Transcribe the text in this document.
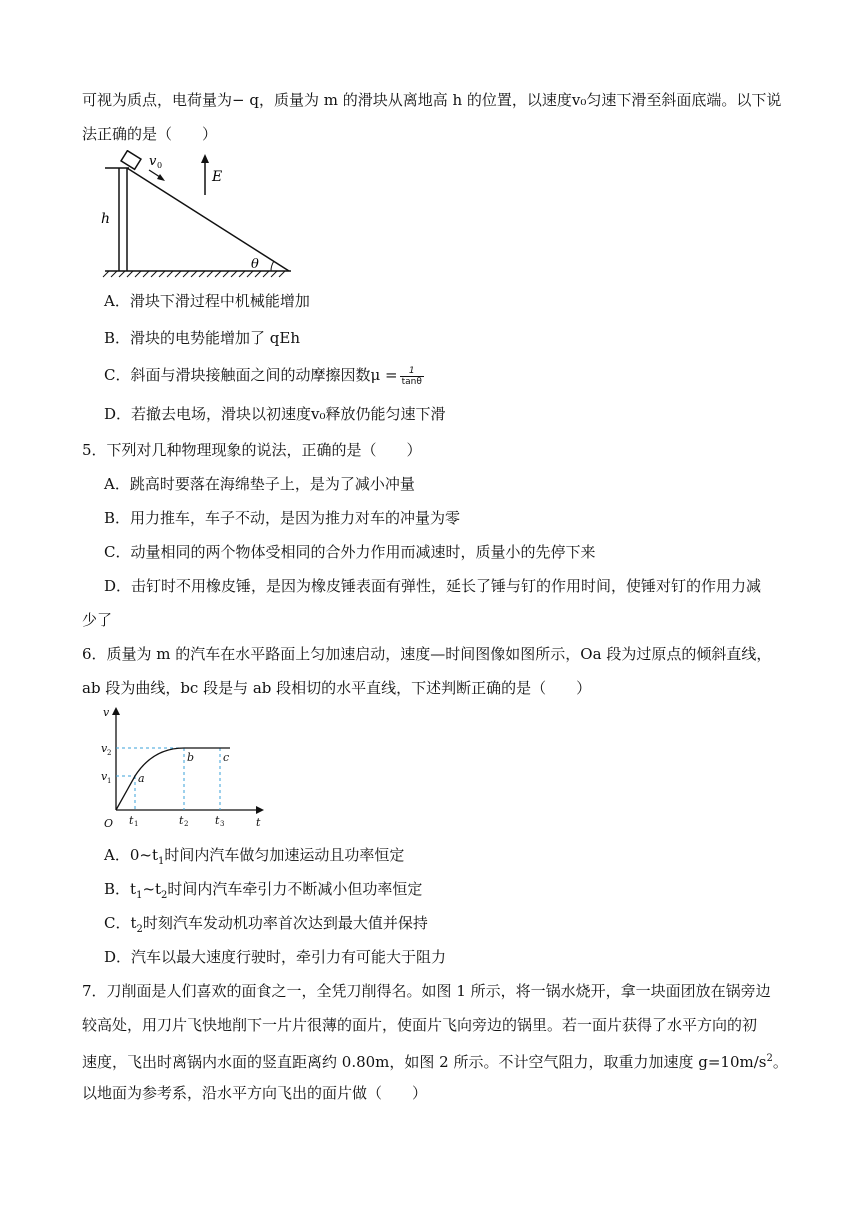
可视为质点，电荷量为− q，质量为 m 的滑块从离地高 h 的位置，以速度v₀匀速下滑至斜面底端。以下说
法正确的是（　　）
v 0
E
h
θ
A．滑块下滑过程中机械能增加
B．滑块的电势能增加了 qEh
C．斜面与滑块接触面之间的动摩擦因数$\mu = \frac{1}{\tan\theta}$
D．若撤去电场，滑块以初速度v₀释放仍能匀速下滑
5．下列对几种物理现象的说法，正确的是（　　）
A．跳高时要落在海绵垫子上，是为了减小冲量
B．用力推车，车子不动，是因为推力对车的冲量为零
C．动量相同的两个物体受相同的合外力作用而减速时，质量小的先停下来
D．击钉时不用橡皮锤，是因为橡皮锤表面有弹性，延长了锤与钉的作用时间，使锤对钉的作用力减
少了
6．质量为 m 的汽车在水平路面上匀加速启动，速度—时间图像如图所示，Oa 段为过原点的倾斜直线，
ab 段为曲线，bc 段是与 ab 段相切的水平直线，下述判断正确的是（　　）
v
t
O
v
v
t	t	t
a
b	c
1
2
1	2	3
A．$0\sim t_1$时间内汽车做匀加速运动且功率恒定
B．$t_1\sim t_2$时间内汽车牵引力不断减小但功率恒定
C．$t_2$时刻汽车发动机功率首次达到最大值并保持
D．汽车以最大速度行驶时，牵引力有可能大于阻力
7．刀削面是人们喜欢的面食之一，全凭刀削得名。如图 1 所示，将一锅水烧开，拿一块面团放在锅旁边
较高处，用刀片飞快地削下一片片很薄的面片，使面片飞向旁边的锅里。若一面片获得了水平方向的初
速度，飞出时离锅内水面的竖直距离约 0.80m，如图 2 所示。不计空气阻力，取重力加速度 $g=10m/s^2$。
以地面为参考系，沿水平方向飞出的面片做（　　）
